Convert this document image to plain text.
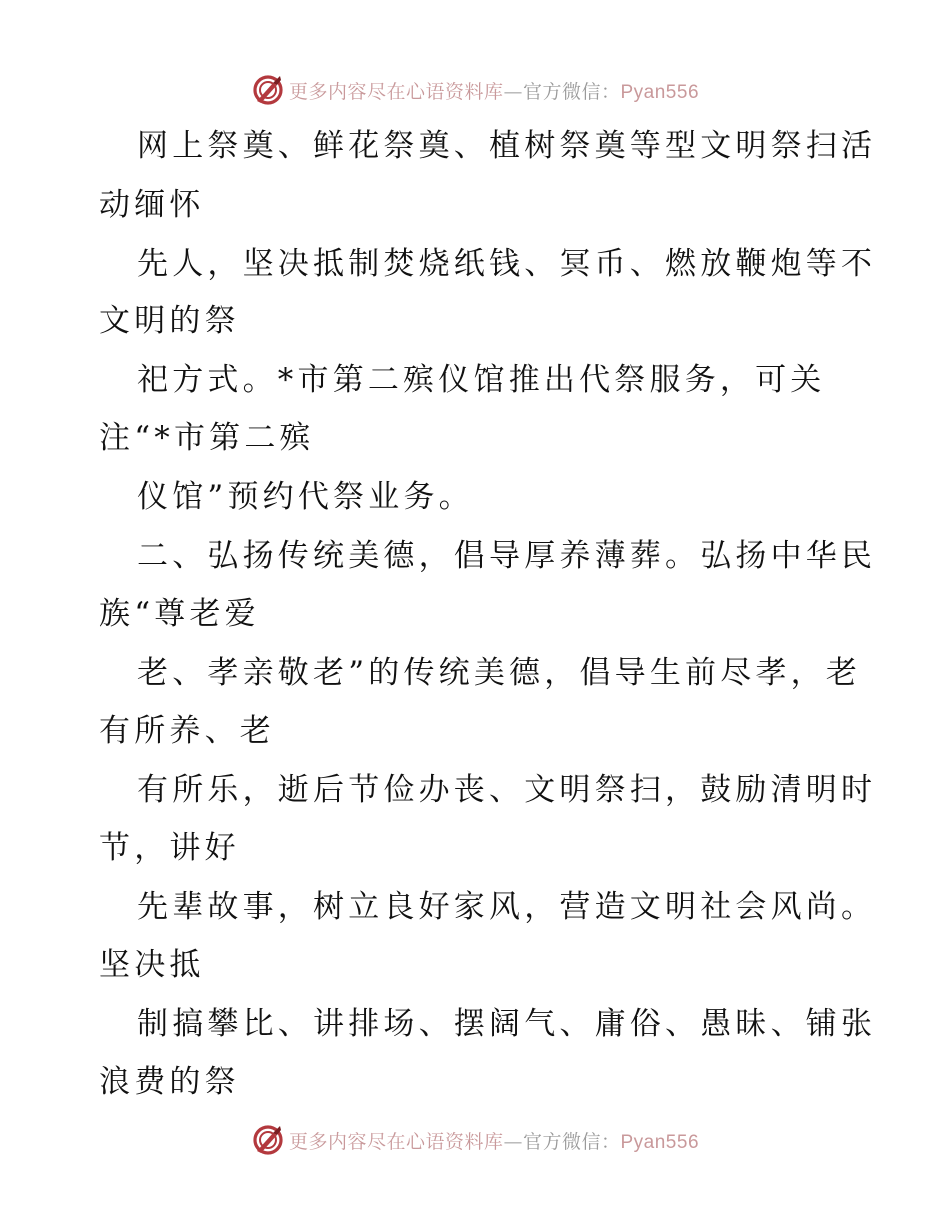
更多内容尽在心语资料库 — 官方微信： Pyan556
网上祭奠、鲜花祭奠、植树祭奠等型文明祭扫活
动缅怀
先人，坚决抵制焚烧纸钱、冥币、燃放鞭炮等不
文明的祭
祀方式。*市第二殡仪馆推出代祭服务，可关
注“*市第二殡
仪馆”预约代祭业务。
二、弘扬传统美德，倡导厚养薄葬。弘扬中华民
族“尊老爱
老、孝亲敬老”的传统美德，倡导生前尽孝，老
有所养、老
有所乐，逝后节俭办丧、文明祭扫，鼓励清明时
节，讲好
先辈故事，树立良好家风，营造文明社会风尚。
坚决抵
制搞攀比、讲排场、摆阔气、庸俗、愚昧、铺张
浪费的祭
更多内容尽在心语资料库 — 官方微信： Pyan556
